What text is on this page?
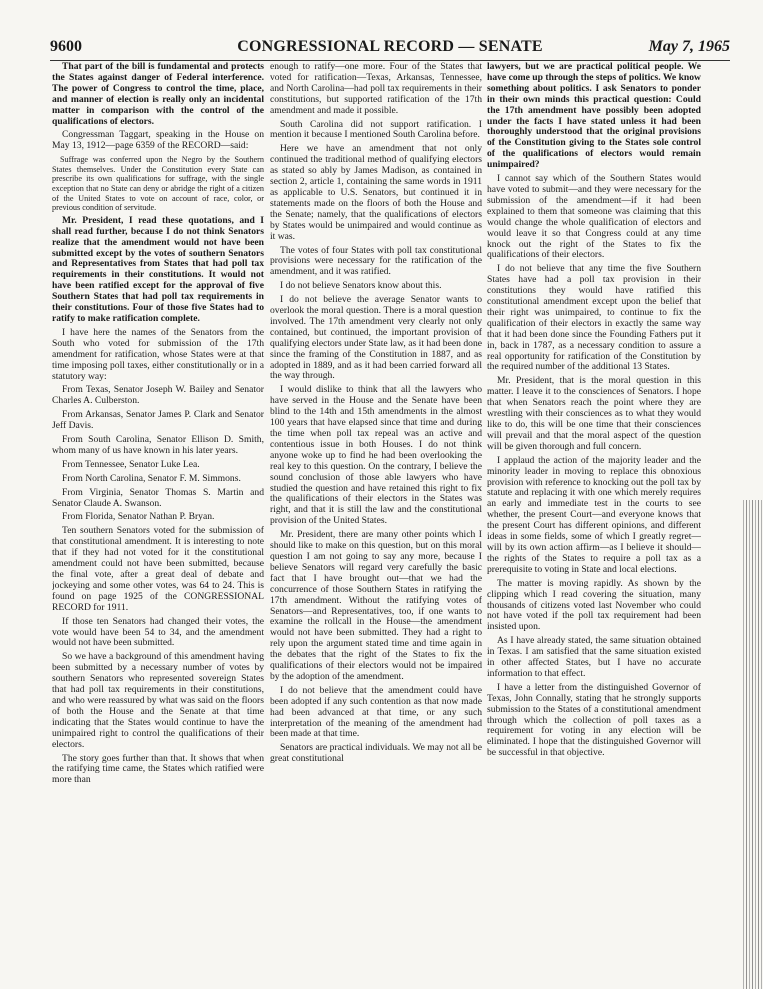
9600	CONGRESSIONAL RECORD — SENATE	May 7, 1965

That part of the bill is fundamental and protects the States against danger of Federal interference. The power of Congress to control the time, place, and manner of election is really only an incidental matter in comparison with the control of the qualifications of electors.

Congressman Taggart, speaking in the House on May 13, 1912—page 6359 of the RECORD—said:

Suffrage was conferred upon the Negro by the Southern States themselves. Under the Constitution every State can prescribe its own qualifications for suffrage, with the single exception that no State can deny or abridge the right of a citizen of the United States to vote on account of race, color, or previous condition of servitude.

Mr. President, I read these quotations, and I shall read further, because I do not think Senators realize that the amendment would not have been submitted except by the votes of southern Senators and Representatives from States that had poll tax requirements in their constitutions. It would not have been ratified except for the approval of five Southern States that had poll tax requirements in their constitutions. Four of those five States had to ratify to make ratification complete.

I have here the names of the Senators from the South who voted for submission of the 17th amendment for ratification, whose States were at that time imposing poll taxes, either constitutionally or in a statutory way:

From Texas, Senator Joseph W. Bailey and Senator Charles A. Culberston.

From Arkansas, Senator James P. Clark and Senator Jeff Davis.

From South Carolina, Senator Ellison D. Smith, whom many of us have known in his later years.

From Tennessee, Senator Luke Lea.

From North Carolina, Senator F. M. Simmons.

From Virginia, Senator Thomas S. Martin and Senator Claude A. Swanson.

From Florida, Senator Nathan P. Bryan.

Ten southern Senators voted for the submission of that constitutional amendment. It is interesting to note that if they had not voted for it the constitutional amendment could not have been submitted, because the final vote, after a great deal of debate and jockeying and some other votes, was 64 to 24. This is found on page 1925 of the CONGRESSIONAL RECORD for 1911.

If those ten Senators had changed their votes, the vote would have been 54 to 34, and the amendment would not have been submitted.

So we have a background of this amendment having been submitted by a necessary number of votes by southern Senators who represented sovereign States that had poll tax requirements in their constitutions, and who were reassured by what was said on the floors of both the House and the Senate at that time indicating that the States would continue to have the unimpaired right to control the qualifications of their electors.

The story goes further than that. It shows that when the ratifying time came, the States which ratified were more than

enough to ratify—one more. Four of the States that voted for ratification—Texas, Arkansas, Tennessee, and North Carolina—had poll tax requirements in their constitutions, but supported ratification of the 17th amendment and made it possible.

South Carolina did not support ratification. I mention it because I mentioned South Carolina before.

Here we have an amendment that not only continued the traditional method of qualifying electors as stated so ably by James Madison, as contained in section 2, article 1, containing the same words in 1911 as applicable to U.S. Senators, but continued it in statements made on the floors of both the House and the Senate; namely, that the qualifications of electors by States would be unimpaired and would continue as it was.

The votes of four States with poll tax constitutional provisions were necessary for the ratification of the amendment, and it was ratified.

I do not believe Senators know about this.

I do not believe the average Senator wants to overlook the moral question. There is a moral question involved. The 17th amendment very clearly not only contained, but continued, the important provision of qualifying electors under State law, as it had been done since the framing of the Constitution in 1887, and as adopted in 1889, and as it had been carried forward all the way through.

I would dislike to think that all the lawyers who have served in the House and the Senate have been blind to the 14th and 15th amendments in the almost 100 years that have elapsed since that time and during the time when poll tax repeal was an active and contentious issue in both Houses. I do not think anyone woke up to find he had been overlooking the real key to this question. On the contrary, I believe the sound conclusion of those able lawyers who have studied the question and have retained this right to fix the qualifications of their electors in the States was right, and that it is still the law and the constitutional provision of the United States.

Mr. President, there are many other points which I should like to make on this question, but on this moral question I am not going to say any more, because I believe Senators will regard very carefully the basic fact that I have brought out—that we had the concurrence of those Southern States in ratifying the 17th amendment. Without the ratifying votes of Senators—and Representatives, too, if one wants to examine the rollcall in the House—the amendment would not have been submitted. They had a right to rely upon the argument stated time and time again in the debates that the right of the States to fix the qualifications of their electors would not be impaired by the adoption of the amendment.

I do not believe that the amendment could have been adopted if any such contention as that now made had been advanced at that time, or any such interpretation of the meaning of the amendment had been made at that time.

Senators are practical individuals. We may not all be great constitutional

lawyers, but we are practical political people. We have come up through the steps of politics. We know something about politics. I ask Senators to ponder in their own minds this practical question: Could the 17th amendment have possibly been adopted under the facts I have stated unless it had been thoroughly understood that the original provisions of the Constitution giving to the States sole control of the qualifications of electors would remain unimpaired?

I cannot say which of the Southern States would have voted to submit—and they were necessary for the submission of the amendment—if it had been explained to them that someone was claiming that this would change the whole qualification of electors and would leave it so that Congress could at any time knock out the right of the States to fix the qualifications of their electors.

I do not believe that any time the five Southern States have had a poll tax provision in their constitutions they would have ratified this constitutional amendment except upon the belief that their right was unimpaired, to continue to fix the qualification of their electors in exactly the same way that it had been done since the Founding Fathers put it in, back in 1787, as a necessary condition to assure a real opportunity for ratification of the Constitution by the required number of the additional 13 States.

Mr. President, that is the moral question in this matter. I leave it to the consciences of Senators. I hope that when Senators reach the point where they are wrestling with their consciences as to what they would like to do, this will be one time that their consciences will prevail and that the moral aspect of the question will be given thorough and full concern.

I applaud the action of the majority leader and the minority leader in moving to replace this obnoxious provision with reference to knocking out the poll tax by statute and replacing it with one which merely requires an early and immediate test in the courts to see whether, the present Court—and everyone knows that the present Court has different opinions, and different ideas in some fields, some of which I greatly regret—will by its own action affirm—as I believe it should—the rights of the States to require a poll tax as a prerequisite to voting in State and local elections.

The matter is moving rapidly. As shown by the clipping which I read covering the situation, many thousands of citizens voted last November who could not have voted if the poll tax requirement had been insisted upon.

As I have already stated, the same situation obtained in Texas. I am satisfied that the same situation existed in other affected States, but I have no accurate information to that effect.

I have a letter from the distinguished Governor of Texas, John Connally, stating that he strongly supports submission to the States of a constitutional amendment through which the collection of poll taxes as a requirement for voting in any election will be eliminated. I hope that the distinguished Governor will be successful in that objective.
